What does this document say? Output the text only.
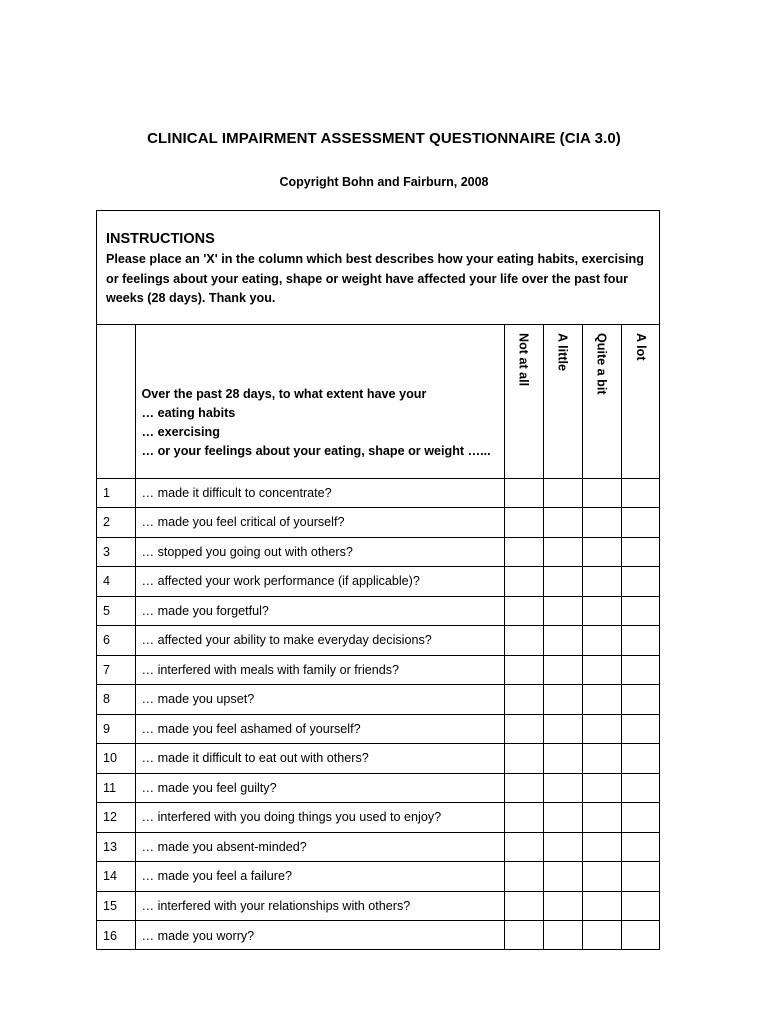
CLINICAL IMPAIRMENT ASSESSMENT QUESTIONNAIRE (CIA 3.0)
Copyright Bohn and Fairburn, 2008
INSTRUCTIONS
Please place an 'X' in the column which best describes how your eating habits, exercising or feelings about your eating, shape or weight have affected your life over the past four weeks (28 days). Thank you.

	Over the past 28 days, to what extent have your
… eating habits
… exercising
… or your feelings about your eating, shape or weight …...	Not at all	A little	Quite a bit	A lot

1	… made it difficult to concentrate?				
2	… made you feel critical of yourself?				
3	… stopped you going out with others?				
4	… affected your work performance (if applicable)?				
5	… made you forgetful?				
6	… affected your ability to make everyday decisions?				
7	… interfered with meals with family or friends?				
8	… made you upset?				
9	… made you feel ashamed of yourself?				
10	… made it difficult to eat out with others?				
11	… made you feel guilty?				
12	… interfered with you doing things you used to enjoy?				
13	… made you absent-minded?				
14	… made you feel a failure?				
15	… interfered with your relationships with others?				
16	… made you worry?				
